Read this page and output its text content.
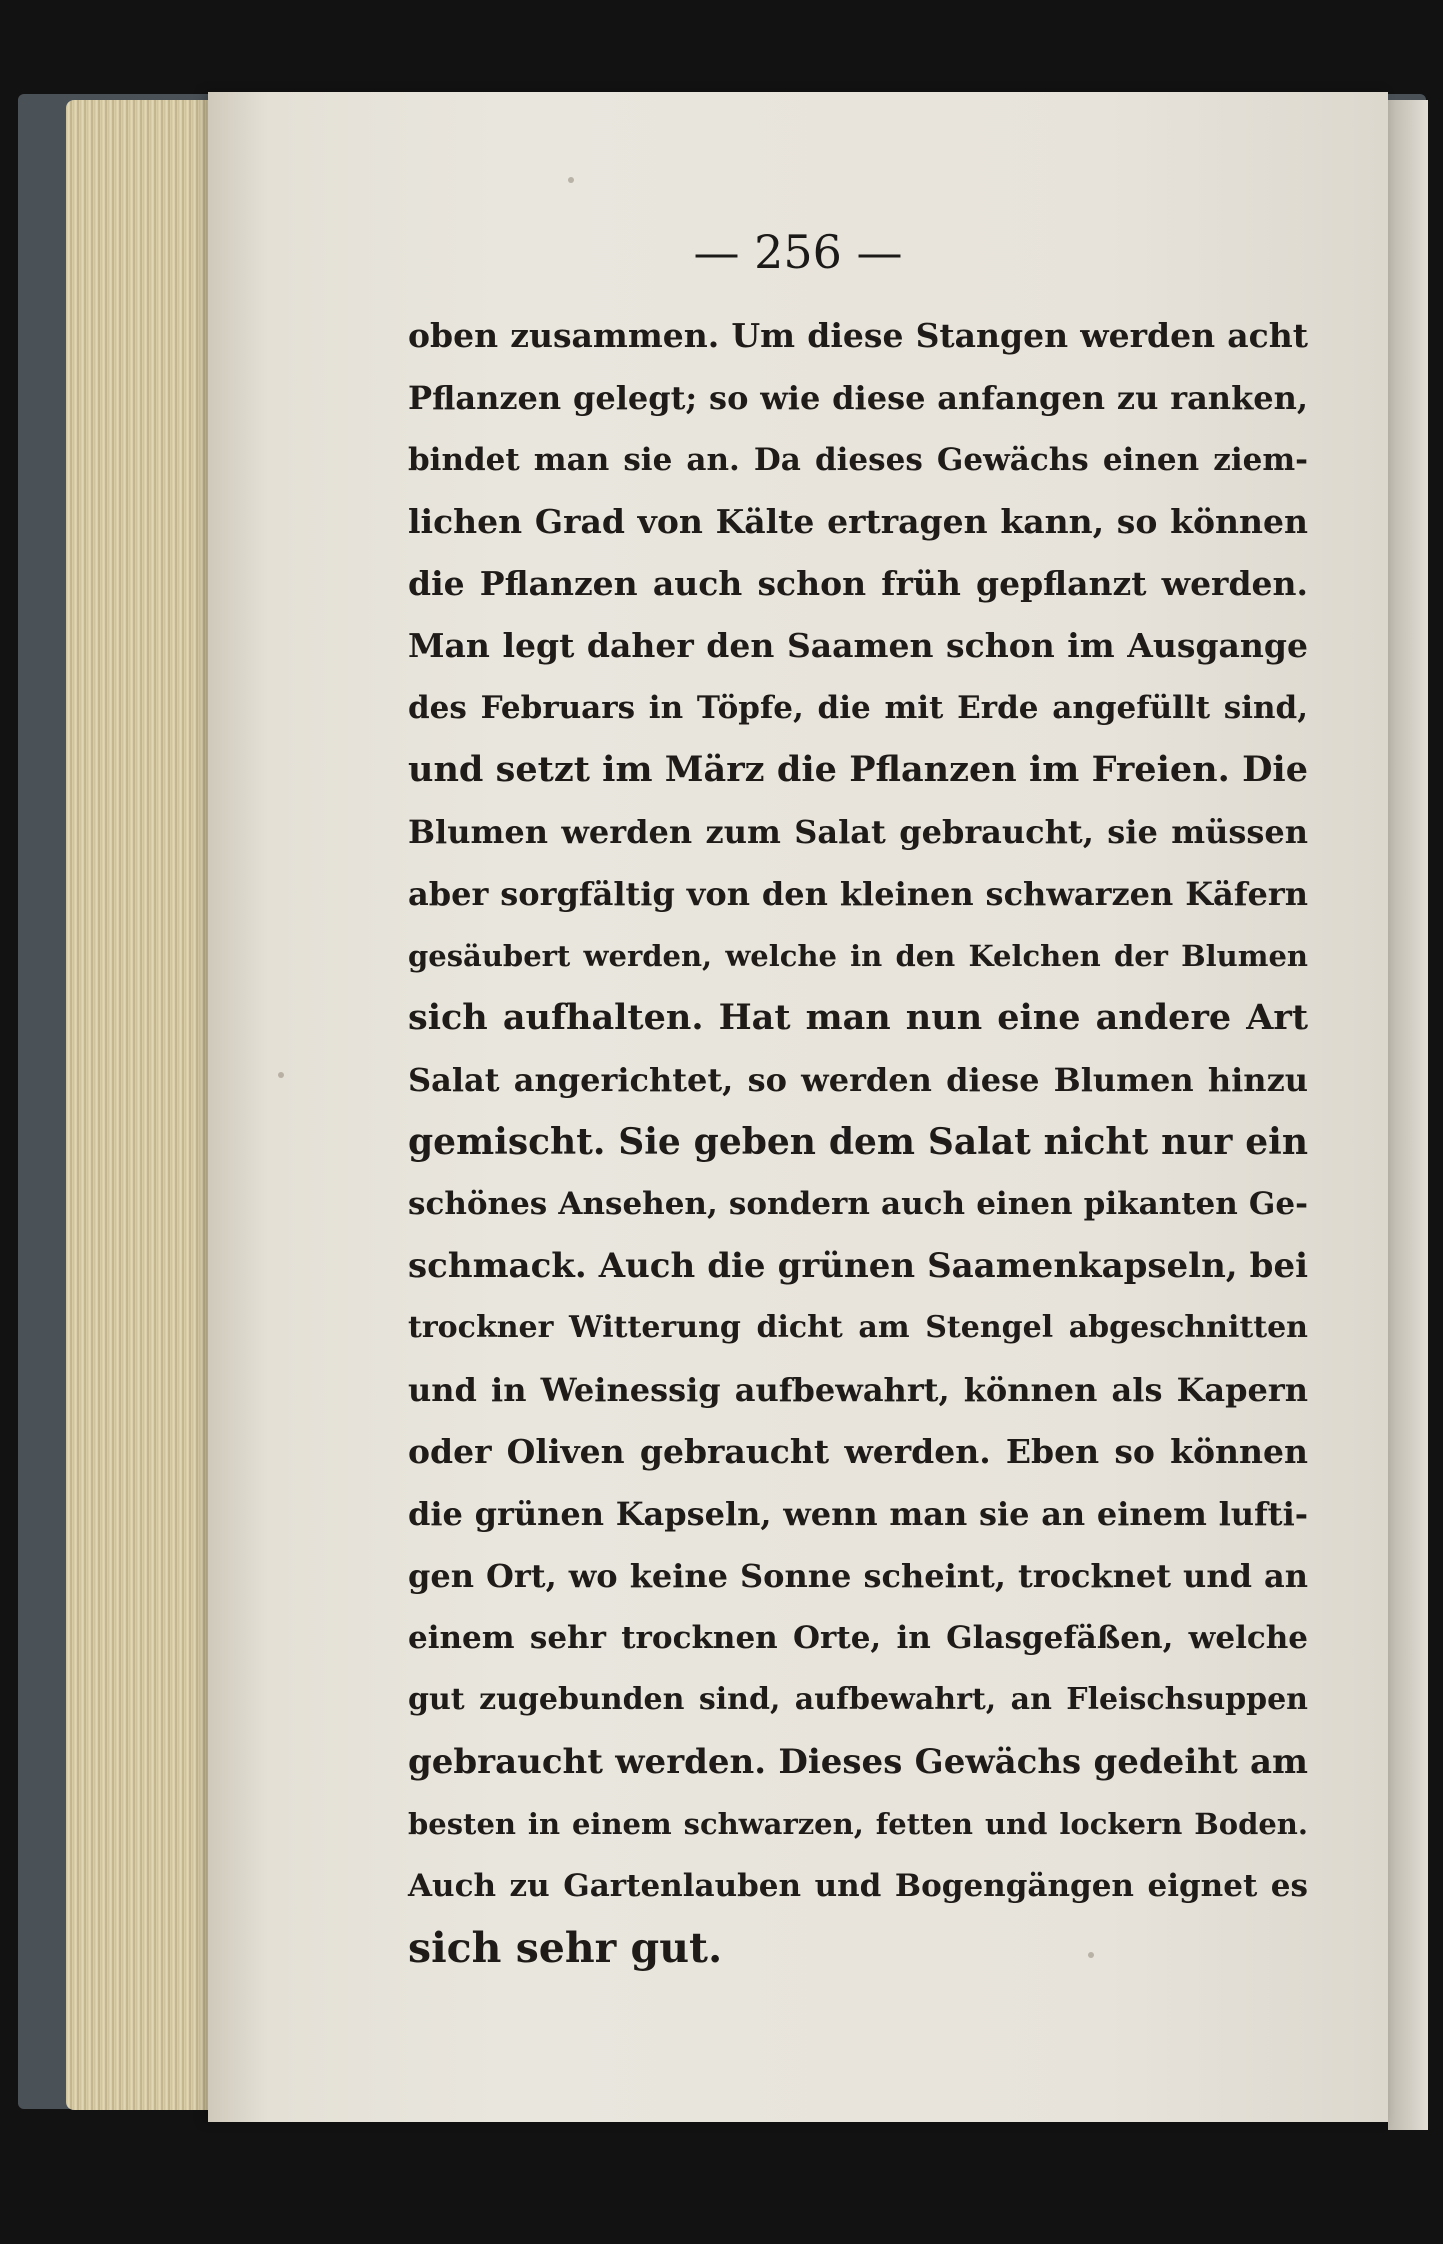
— 256 —
oben zusammen. Um diese Stangen werden acht
Pflanzen gelegt; so wie diese anfangen zu ranken,
bindet man sie an. Da dieses Gewächs einen ziem-
lichen Grad von Kälte ertragen kann, so können
die Pflanzen auch schon früh gepflanzt werden.
Man legt daher den Saamen schon im Ausgange
des Februars in Töpfe, die mit Erde angefüllt sind,
und setzt im März die Pflanzen im Freien. Die
Blumen werden zum Salat gebraucht, sie müssen
aber sorgfältig von den kleinen schwarzen Käfern
gesäubert werden, welche in den Kelchen der Blumen
sich aufhalten. Hat man nun eine andere Art
Salat angerichtet, so werden diese Blumen hinzu
gemischt. Sie geben dem Salat nicht nur ein
schönes Ansehen, sondern auch einen pikanten Ge-
schmack. Auch die grünen Saamenkapseln, bei
trockner Witterung dicht am Stengel abgeschnitten
und in Weinessig aufbewahrt, können als Kapern
oder Oliven gebraucht werden. Eben so können
die grünen Kapseln, wenn man sie an einem lufti-
gen Ort, wo keine Sonne scheint, trocknet und an
einem sehr trocknen Orte, in Glasgefäßen, welche
gut zugebunden sind, aufbewahrt, an Fleischsuppen
gebraucht werden. Dieses Gewächs gedeiht am
besten in einem schwarzen, fetten und lockern Boden.
Auch zu Gartenlauben und Bogengängen eignet es
sich sehr gut.
